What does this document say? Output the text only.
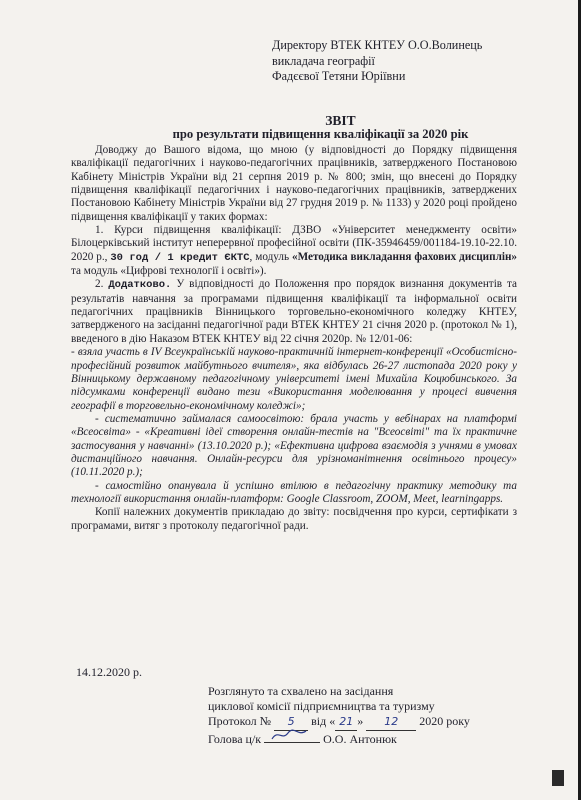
Директору ВТЕК КНТЕУ О.О.Волинець
викладача географії
Фадєєвої Тетяни Юріївни
ЗВІТ
про результати підвищення кваліфікації за 2020 рік

Доводжу до Вашого відома, що мною (у відповідності до Порядку підвищення кваліфікації педагогічних і науково-педагогічних працівників, затвердженого Постановою Кабінету Міністрів України від 21 серпня 2019 р. № 800; змін, що внесені до Порядку підвищення кваліфікації педагогічних і науково-педагогічних працівників, затверджених Постановою Кабінету Міністрів України від 27 грудня 2019 р. № 1133) у 2020 році пройдено підвищення кваліфікації у таких формах:

1. Курси підвищення кваліфікації: ДЗВО «Університет менеджменту освіти» Білоцерківський інститут неперервної професійної освіти (ПК-35946459/001184-19.10-22.10. 2020 р., 30 год / 1 кредит ЄКТС, модуль «Методика викладання фахових дисциплін» та модуль «Цифрові технології і освіті»).

2. Додатково. У відповідності до Положення про порядок визнання документів та результатів навчання за програмами підвищення кваліфікації та інформальної освіти педагогічних працівників Вінницького торговельно-економічного коледжу КНТЕУ, затвердженого на засіданні педагогічної ради ВТЕК КНТЕУ 21 січня 2020 р. (протокол № 1), введеного в дію Наказом ВТЕК КНТЕУ від 22 січня 2020р. № 12/01-06:

- взяла участь в IV Всеукраїнській науково-практичній інтернет-конференції «Особистісно-професійний розвиток майбутнього вчителя», яка відбулась 26-27 листопада 2020 року у Вінницькому державному педагогічному університеті імені Михайла Коцюбинського. За підсумками конференції видано тези «Використання моделювання у процесі вивчення географії в торговельно-економічному коледжі»;

- систематично займалася самоосвітою: брала участь у вебінарах на платформі «Всеосвіта» - «Креативні ідеї створення онлайн-тестів на "Всеосвіті" та їх практичне застосування у навчанні» (13.10.2020 р.); «Ефективна цифрова взаємодія з учнями в умовах дистанційного навчання. Онлайн-ресурси для урізноманітнення освітнього процесу» (10.11.2020 р.);

- самостійно опанувала й успішно втілюю в педагогічну практику методику та технології використання онлайн-платформ: Google Classroom, ZOOM, Meet, learningapps.

Копії належних документів прикладаю до звіту: посвідчення про курси, сертифікати з програмами, витяг з протоколу педагогічної ради.

14.12.2020 р.
Розглянуто та схвалено на засідання
циклової комісії підприємництва та туризму
Протокол № 5 від « 21 » 12 2020 року
Голова ц/к	О.О. Антонюк
